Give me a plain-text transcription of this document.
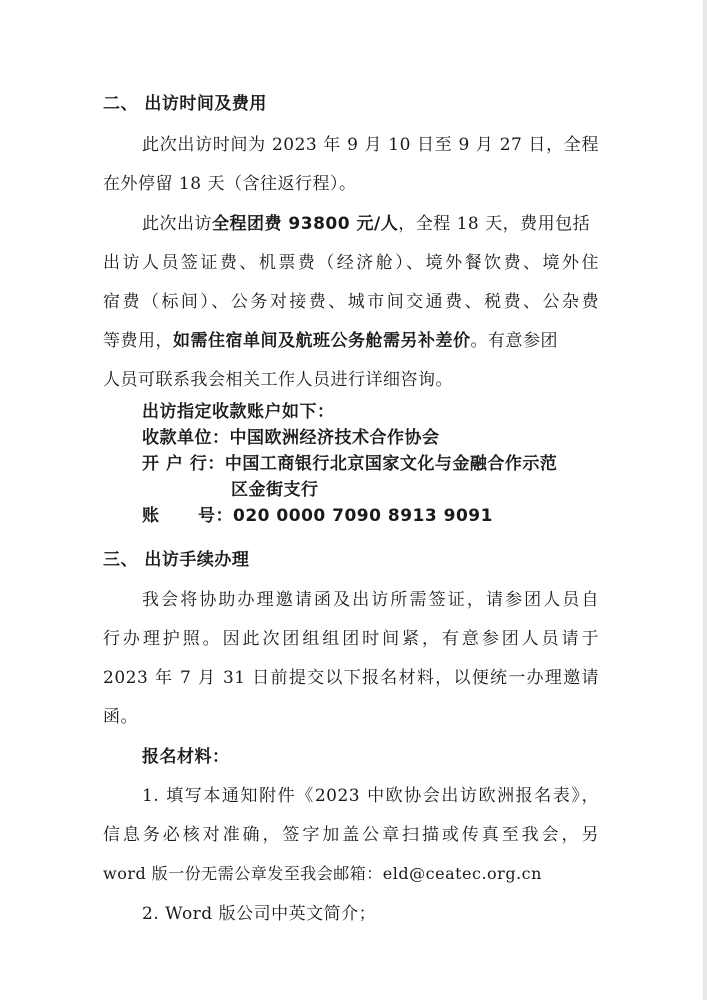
二、 出访时间及费用
此次出访时间为 2023 年 9 月 10 日至 9 月 27 日，全程
在外停留 18 天（含往返行程）。
此次出访全程团费 93800 元/人，全程 18 天，费用包括
出访人员签证费、机票费（经济舱）、境外餐饮费、境外住
宿费（标间）、公务对接费、城市间交通费、税费、公杂费
等费用，如需住宿单间及航班公务舱需另补差价。有意参团
人员可联系我会相关工作人员进行详细咨询。
出访指定收款账户如下：
收款单位：中国欧洲经济技术合作协会
开 户 行：中国工商银行北京国家文化与金融合作示范
区金街支行
账      号：020 0000 7090 8913 9091
三、 出访手续办理
我会将协助办理邀请函及出访所需签证，请参团人员自
行办理护照。因此次团组组团时间紧，有意参团人员请于
2023 年 7 月 31 日前提交以下报名材料，以便统一办理邀请
函。
报名材料：
1. 填写本通知附件《2023 中欧协会出访欧洲报名表》，
信息务必核对准确，签字加盖公章扫描或传真至我会，另
word 版一份无需公章发至我会邮箱：eld@ceatec.org.cn
2. Word 版公司中英文简介；
